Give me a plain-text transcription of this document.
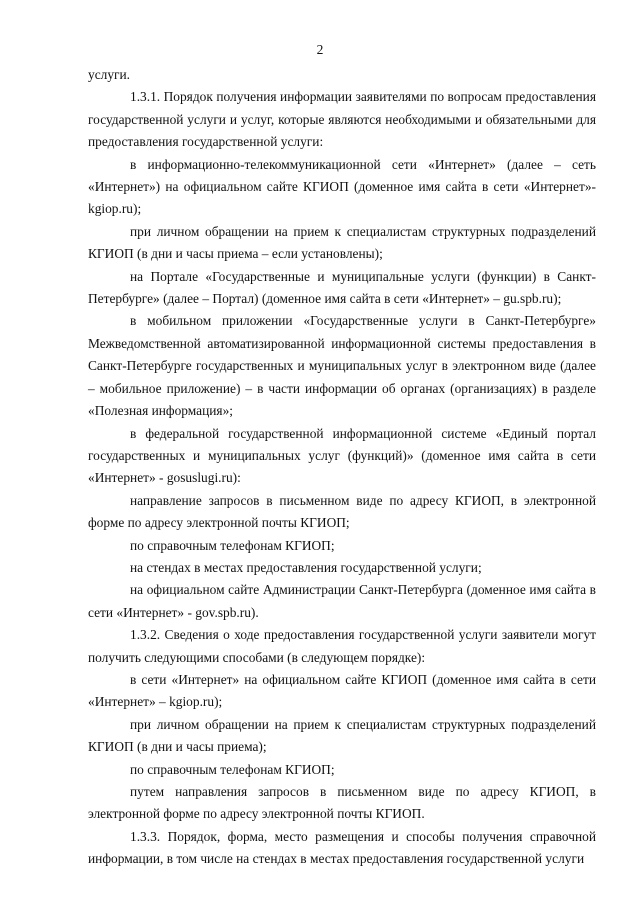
2

услуги.

1.3.1. Порядок получения информации заявителями по вопросам предоставления государственной услуги и услуг, которые являются необходимыми и обязательными для предоставления государственной услуги:

в информационно-телекоммуникационной сети «Интернет» (далее – сеть «Интернет») на официальном сайте КГИОП (доменное имя сайта в сети «Интернет»- kgiop.ru);

при личном обращении на прием к специалистам структурных подразделений КГИОП (в дни и часы приема – если установлены);

на Портале «Государственные и муниципальные услуги (функции) в Санкт-Петербурге» (далее – Портал) (доменное имя сайта в сети «Интернет» – gu.spb.ru);

в мобильном приложении «Государственные услуги в Санкт-Петербурге» Межведомственной автоматизированной информационной системы предоставления в Санкт-Петербурге государственных и муниципальных услуг в электронном виде (далее – мобильное приложение) – в части информации об органах (организациях) в разделе «Полезная информация»;

в федеральной государственной информационной системе «Единый портал государственных и муниципальных услуг (функций)» (доменное имя сайта в сети «Интернет» - gosuslugi.ru):

направление запросов в письменном виде по адресу КГИОП, в электронной форме по адресу электронной почты КГИОП;

по справочным телефонам КГИОП;

на стендах в местах предоставления государственной услуги;

на официальном сайте Администрации Санкт-Петербурга (доменное имя сайта в сети «Интернет» - gov.spb.ru).

1.3.2. Сведения о ходе предоставления государственной услуги заявители могут получить следующими способами (в следующем порядке):

в сети «Интернет» на официальном сайте КГИОП (доменное имя сайта в сети «Интернет» – kgiop.ru);

при личном обращении на прием к специалистам структурных подразделений КГИОП (в дни и часы приема);

по справочным телефонам КГИОП;

путем направления запросов в письменном виде по адресу КГИОП, в электронной форме по адресу электронной почты КГИОП.

1.3.3. Порядок, форма, место размещения и способы получения справочной информации, в том числе на стендах в местах предоставления государственной услуги
